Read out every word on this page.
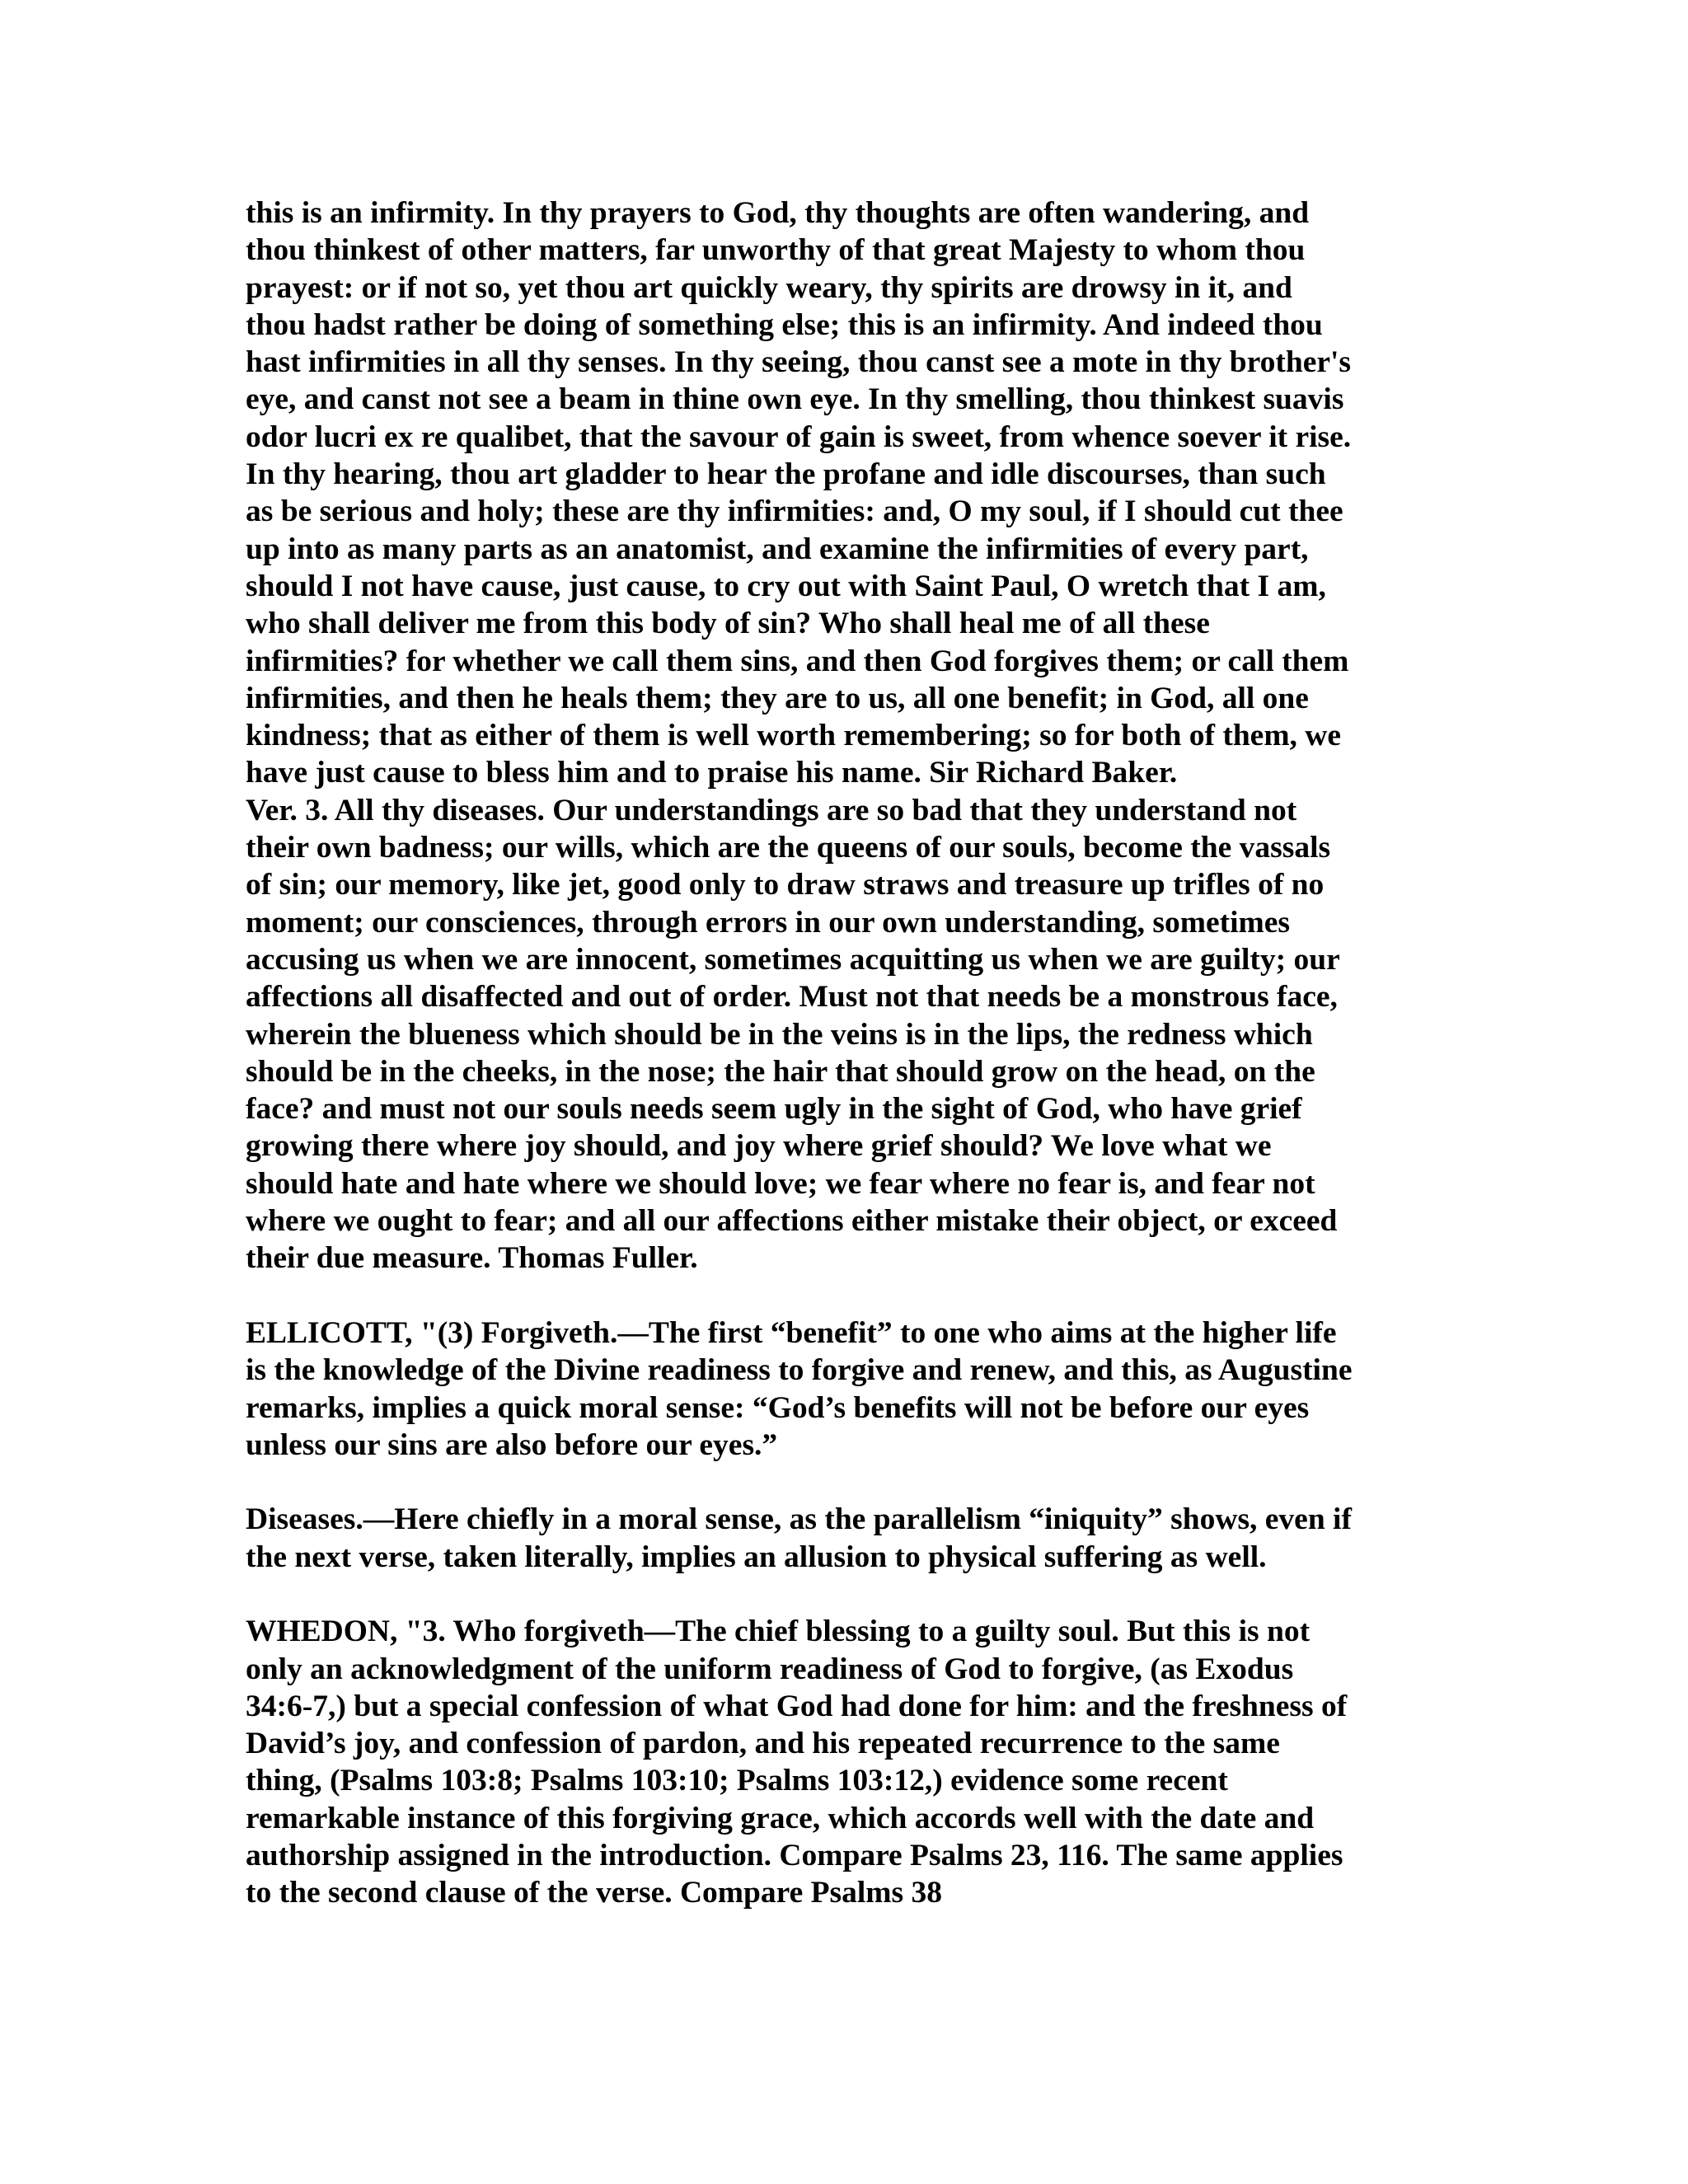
this is an infirmity. In thy prayers to God, thy thoughts are often wandering, and
thou thinkest of other matters, far unworthy of that great Majesty to whom thou
prayest: or if not so, yet thou art quickly weary, thy spirits are drowsy in it, and
thou hadst rather be doing of something else; this is an infirmity. And indeed thou
hast infirmities in all thy senses. In thy seeing, thou canst see a mote in thy brother's
eye, and canst not see a beam in thine own eye. In thy smelling, thou thinkest suavis
odor lucri ex re qualibet, that the savour of gain is sweet, from whence soever it rise.
In thy hearing, thou art gladder to hear the profane and idle discourses, than such
as be serious and holy; these are thy infirmities: and, O my soul, if I should cut thee
up into as many parts as an anatomist, and examine the infirmities of every part,
should I not have cause, just cause, to cry out with Saint Paul, O wretch that I am,
who shall deliver me from this body of sin? Who shall heal me of all these
infirmities? for whether we call them sins, and then God forgives them; or call them
infirmities, and then he heals them; they are to us, all one benefit; in God, all one
kindness; that as either of them is well worth remembering; so for both of them, we
have just cause to bless him and to praise his name. Sir Richard Baker.
Ver. 3. All thy diseases. Our understandings are so bad that they understand not
their own badness; our wills, which are the queens of our souls, become the vassals
of sin; our memory, like jet, good only to draw straws and treasure up trifles of no
moment; our consciences, through errors in our own understanding, sometimes
accusing us when we are innocent, sometimes acquitting us when we are guilty; our
affections all disaffected and out of order. Must not that needs be a monstrous face,
wherein the blueness which should be in the veins is in the lips, the redness which
should be in the cheeks, in the nose; the hair that should grow on the head, on the
face? and must not our souls needs seem ugly in the sight of God, who have grief
growing there where joy should, and joy where grief should? We love what we
should hate and hate where we should love; we fear where no fear is, and fear not
where we ought to fear; and all our affections either mistake their object, or exceed
their due measure. Thomas Fuller.
ELLICOTT, "(3) Forgiveth.—The first “benefit” to one who aims at the higher life
is the knowledge of the Divine readiness to forgive and renew, and this, as Augustine
remarks, implies a quick moral sense: “God’s benefits will not be before our eyes
unless our sins are also before our eyes.”
Diseases.—Here chiefly in a moral sense, as the parallelism “iniquity” shows, even if
the next verse, taken literally, implies an allusion to physical suffering as well.
WHEDON, "3. Who forgiveth—The chief blessing to a guilty soul. But this is not
only an acknowledgment of the uniform readiness of God to forgive, (as Exodus
34:6-7,) but a special confession of what God had done for him: and the freshness of
David’s joy, and confession of pardon, and his repeated recurrence to the same
thing, (Psalms 103:8; Psalms 103:10; Psalms 103:12,) evidence some recent
remarkable instance of this forgiving grace, which accords well with the date and
authorship assigned in the introduction. Compare Psalms 23, 116. The same applies
to the second clause of the verse. Compare Psalms 38
